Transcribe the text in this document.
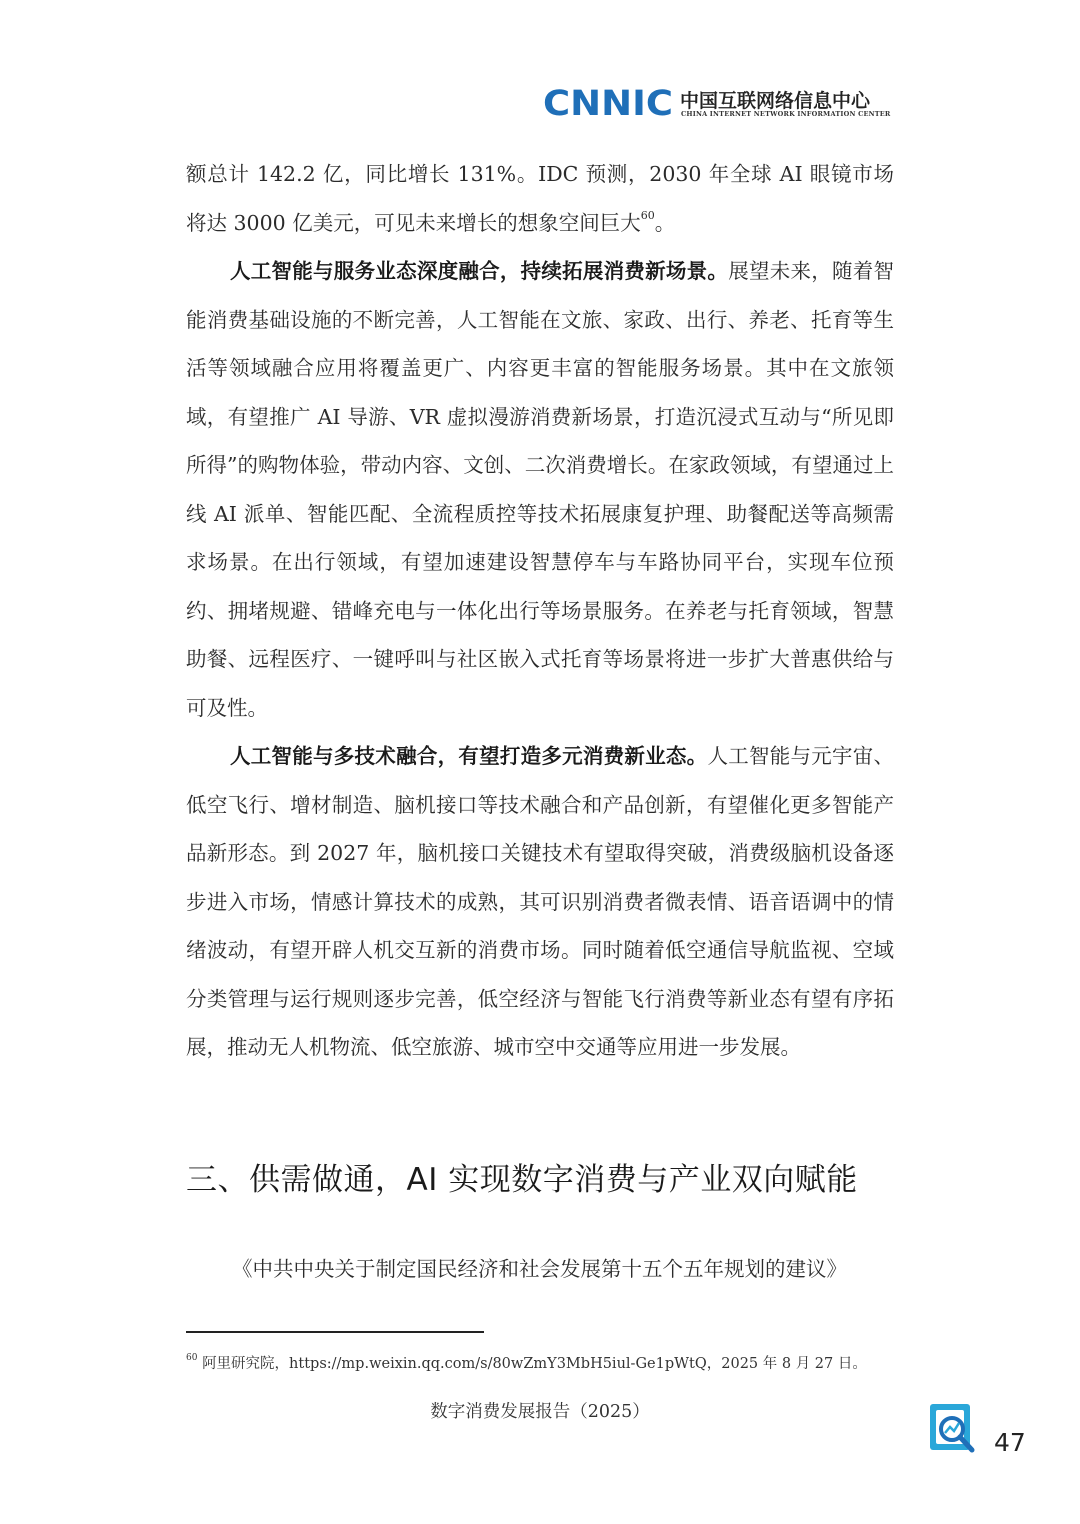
CNNIC 中国互联网络信息中心
CHINA INTERNET NETWORK INFORMATION CENTER

额总计 142.2 亿，同比增长 131%。IDC 预测，2030 年全球 AI 眼镜市场将达 3000 亿美元，可见未来增长的想象空间巨大$^{60}$。

人工智能与服务业态深度融合，持续拓展消费新场景。展望未来，随着智能消费基础设施的不断完善，人工智能在文旅、家政、出行、养老、托育等生活等领域融合应用将覆盖更广、内容更丰富的智能服务场景。其中在文旅领域，有望推广 AI 导游、VR 虚拟漫游消费新场景，打造沉浸式互动与“所见即所得”的购物体验，带动内容、文创、二次消费增长。在家政领域，有望通过上线 AI 派单、智能匹配、全流程质控等技术拓展康复护理、助餐配送等高频需求场景。在出行领域，有望加速建设智慧停车与车路协同平台，实现车位预约、拥堵规避、错峰充电与一体化出行等场景服务。在养老与托育领域，智慧助餐、远程医疗、一键呼叫与社区嵌入式托育等场景将进一步扩大普惠供给与可及性。

人工智能与多技术融合，有望打造多元消费新业态。人工智能与元宇宙、低空飞行、增材制造、脑机接口等技术融合和产品创新，有望催化更多智能产品新形态。到 2027 年，脑机接口关键技术有望取得突破，消费级脑机设备逐步进入市场，情感计算技术的成熟，其可识别消费者微表情、语音语调中的情绪波动，有望开辟人机交互新的消费市场。同时随着低空通信导航监视、空域分类管理与运行规则逐步完善，低空经济与智能飞行消费等新业态有望有序拓展，推动无人机物流、低空旅游、城市空中交通等应用进一步发展。

三、供需做通，AI 实现数字消费与产业双向赋能

《中共中央关于制定国民经济和社会发展第十五个五年规划的建议》

$^{60}$ 阿里研究院，https://mp.weixin.qq.com/s/80wZmY3MbH5iul-Ge1pWtQ，2025 年 8 月 27 日。

数字消费发展报告（2025）

47
